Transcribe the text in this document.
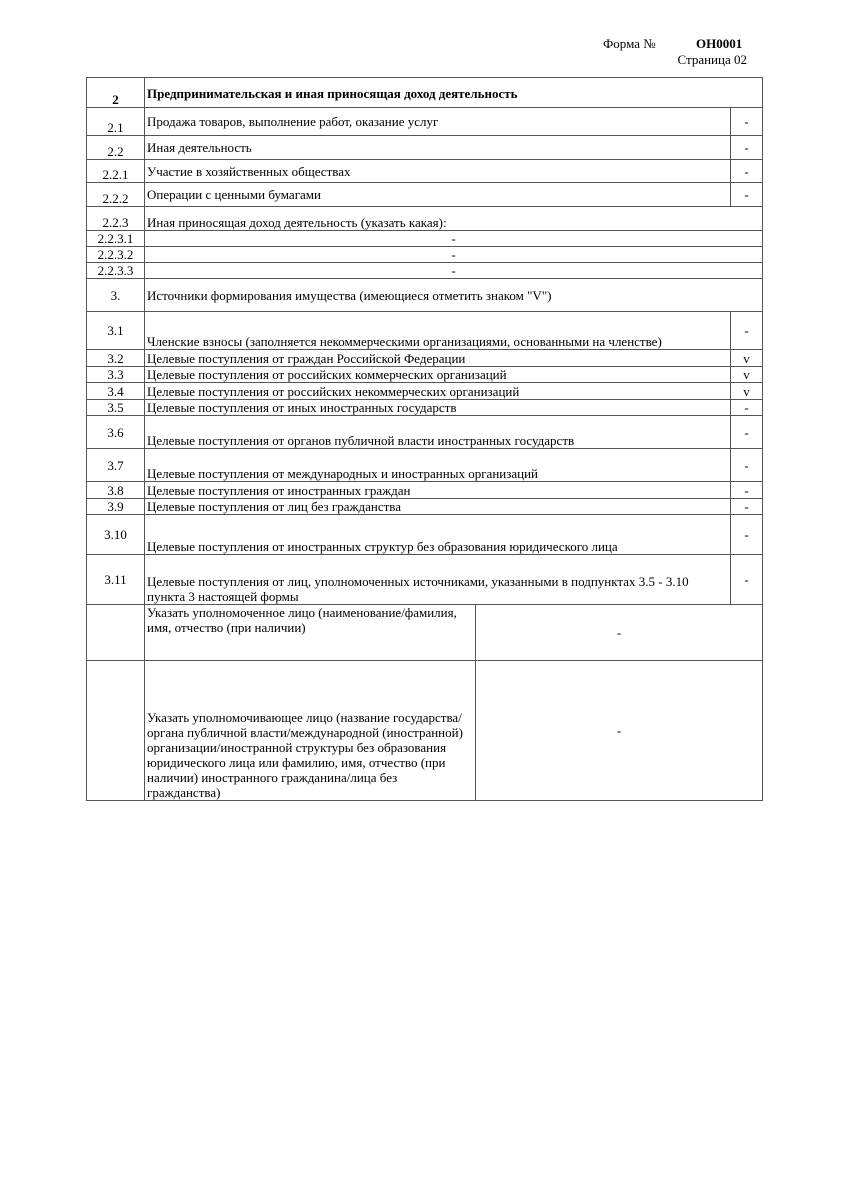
Форма №	ОН0001
Страница 02
2	Предпринимательская и иная приносящая доход деятельность		
2.1	Продажа товаров, выполнение работ, оказание услуг		-
2.2	Иная деятельность		-
2.2.1	Участие в хозяйственных обществах		-
2.2.2	Операции с ценными бумагами		-
2.2.3	Иная приносящая доход деятельность (указать какая):		
2.2.3.1	-		
2.2.3.2	-		
2.2.3.3	-		
3.	Источники формирования имущества (имеющиеся отметить знаком "V")		
3.1	Членские взносы (заполняется некоммерческими организациями, основанными на членстве)		-
3.2	Целевые поступления от граждан Российской Федерации		v
3.3	Целевые поступления от российских коммерческих организаций		v
3.4	Целевые поступления от российских некоммерческих организаций		v
3.5	Целевые поступления от иных иностранных государств		-
3.6	Целевые поступления от органов публичной власти иностранных государств		-
3.7	Целевые поступления от международных и иностранных организаций		-
3.8	Целевые поступления от иностранных граждан		-
3.9	Целевые поступления от лиц без гражданства		-
3.10	Целевые поступления от иностранных структур без образования юридического лица		-
3.11	Целевые поступления от лиц, уполномоченных источниками, указанными в подпунктах 3.5 - 3.10 пункта 3 настоящей формы		-
	Указать уполномоченное лицо (наименование/фамилия, имя, отчество (при наличии)	-	
	Указать уполномочивающее лицо (название государства/органа публичной власти/международной (иностранной) организации/иностранной структуры без образования юридического лица или фамилию, имя, отчество (при наличии) иностранного гражданина/лица без гражданства)	-	
